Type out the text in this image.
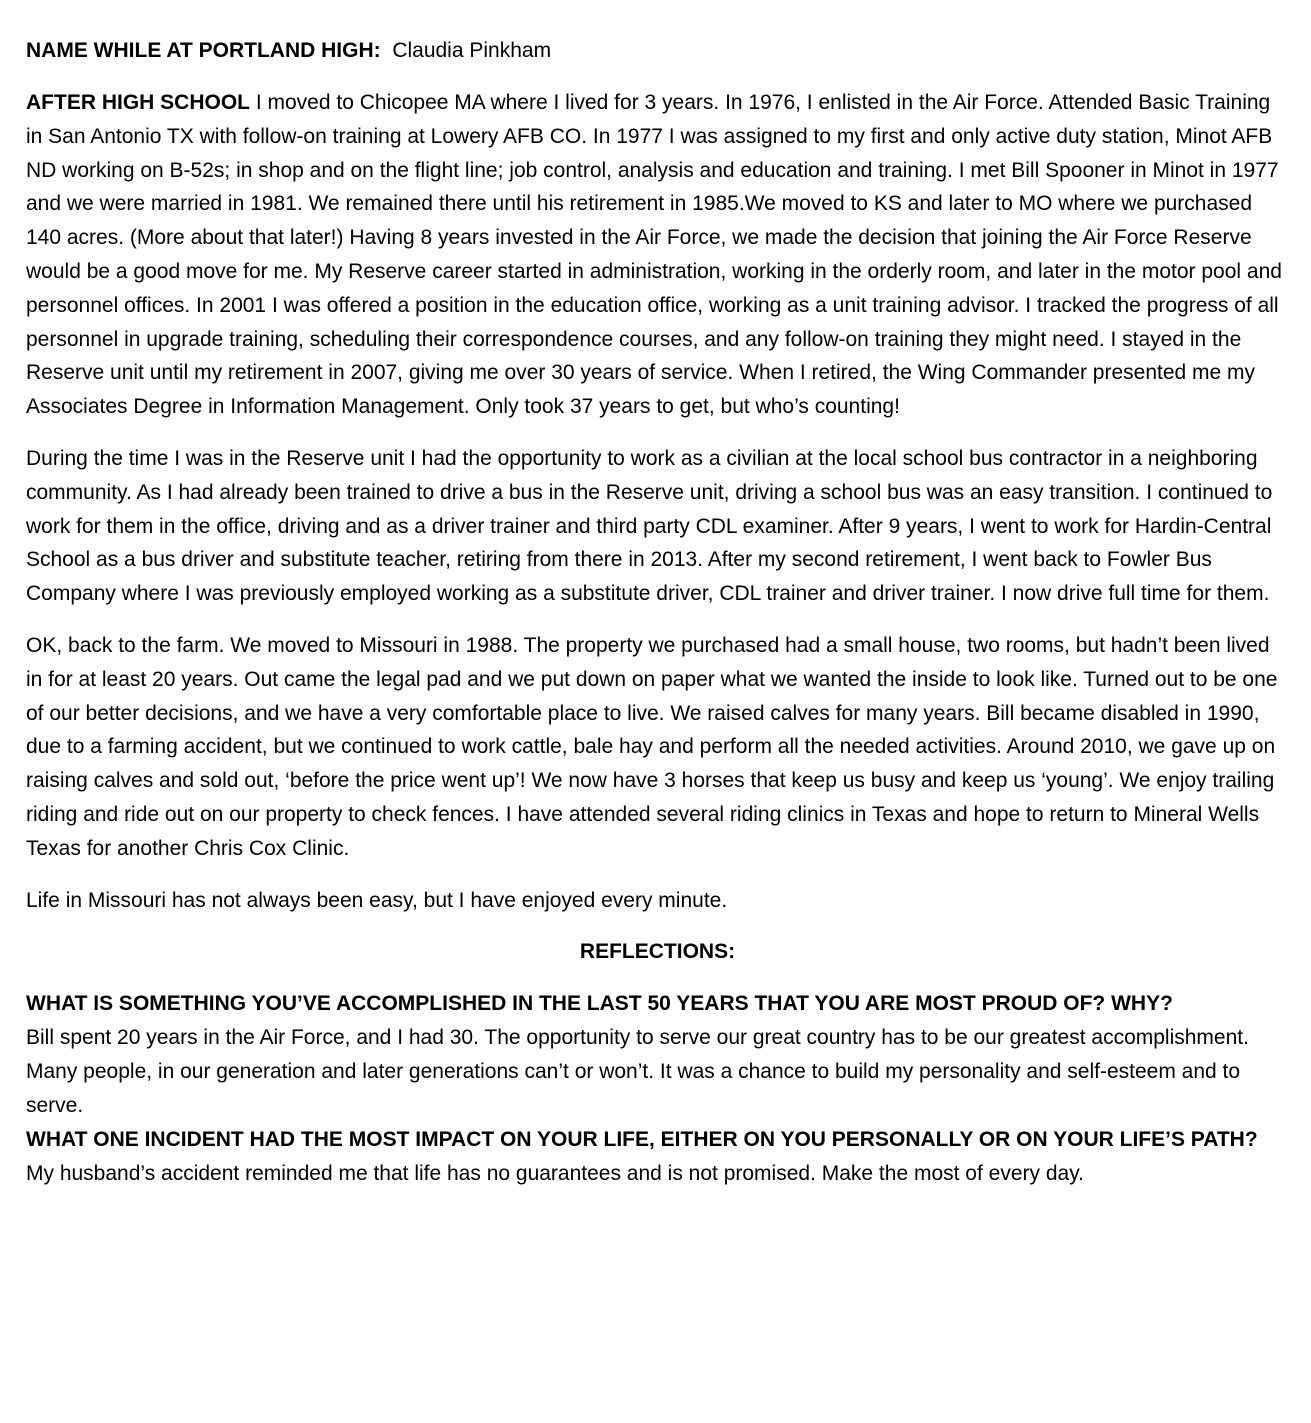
NAME WHILE AT PORTLAND HIGH: Claudia Pinkham

AFTER HIGH SCHOOL I moved to Chicopee MA where I lived for 3 years. In 1976, I enlisted in the Air Force. Attended Basic Training in San Antonio TX with follow-on training at Lowery AFB CO. In 1977 I was assigned to my first and only active duty station, Minot AFB ND working on B-52s; in shop and on the flight line; job control, analysis and education and training. I met Bill Spooner in Minot in 1977 and we were married in 1981. We remained there until his retirement in 1985.We moved to KS and later to MO where we purchased 140 acres. (More about that later!) Having 8 years invested in the Air Force, we made the decision that joining the Air Force Reserve would be a good move for me. My Reserve career started in administration, working in the orderly room, and later in the motor pool and personnel offices. In 2001 I was offered a position in the education office, working as a unit training advisor. I tracked the progress of all personnel in upgrade training, scheduling their correspondence courses, and any follow-on training they might need. I stayed in the Reserve unit until my retirement in 2007, giving me over 30 years of service. When I retired, the Wing Commander presented me my Associates Degree in Information Management. Only took 37 years to get, but who’s counting!

During the time I was in the Reserve unit I had the opportunity to work as a civilian at the local school bus contractor in a neighboring community. As I had already been trained to drive a bus in the Reserve unit, driving a school bus was an easy transition. I continued to work for them in the office, driving and as a driver trainer and third party CDL examiner. After 9 years, I went to work for Hardin-Central School as a bus driver and substitute teacher, retiring from there in 2013. After my second retirement, I went back to Fowler Bus Company where I was previously employed working as a substitute driver, CDL trainer and driver trainer. I now drive full time for them.

OK, back to the farm. We moved to Missouri in 1988. The property we purchased had a small house, two rooms, but hadn’t been lived in for at least 20 years. Out came the legal pad and we put down on paper what we wanted the inside to look like. Turned out to be one of our better decisions, and we have a very comfortable place to live. We raised calves for many years. Bill became disabled in 1990, due to a farming accident, but we continued to work cattle, bale hay and perform all the needed activities. Around 2010, we gave up on raising calves and sold out, ‘before the price went up’! We now have 3 horses that keep us busy and keep us ‘young’. We enjoy trailing riding and ride out on our property to check fences. I have attended several riding clinics in Texas and hope to return to Mineral Wells Texas for another Chris Cox Clinic.

Life in Missouri has not always been easy, but I have enjoyed every minute.

REFLECTIONS:

WHAT IS SOMETHING YOU’VE ACCOMPLISHED IN THE LAST 50 YEARS THAT YOU ARE MOST PROUD OF? WHY?

Bill spent 20 years in the Air Force, and I had 30. The opportunity to serve our great country has to be our greatest accomplishment. Many people, in our generation and later generations can’t or won’t. It was a chance to build my personality and self-esteem and to serve.

WHAT ONE INCIDENT HAD THE MOST IMPACT ON YOUR LIFE, EITHER ON YOU PERSONALLY OR ON YOUR LIFE’S PATH?

My husband’s accident reminded me that life has no guarantees and is not promised. Make the most of every day.
